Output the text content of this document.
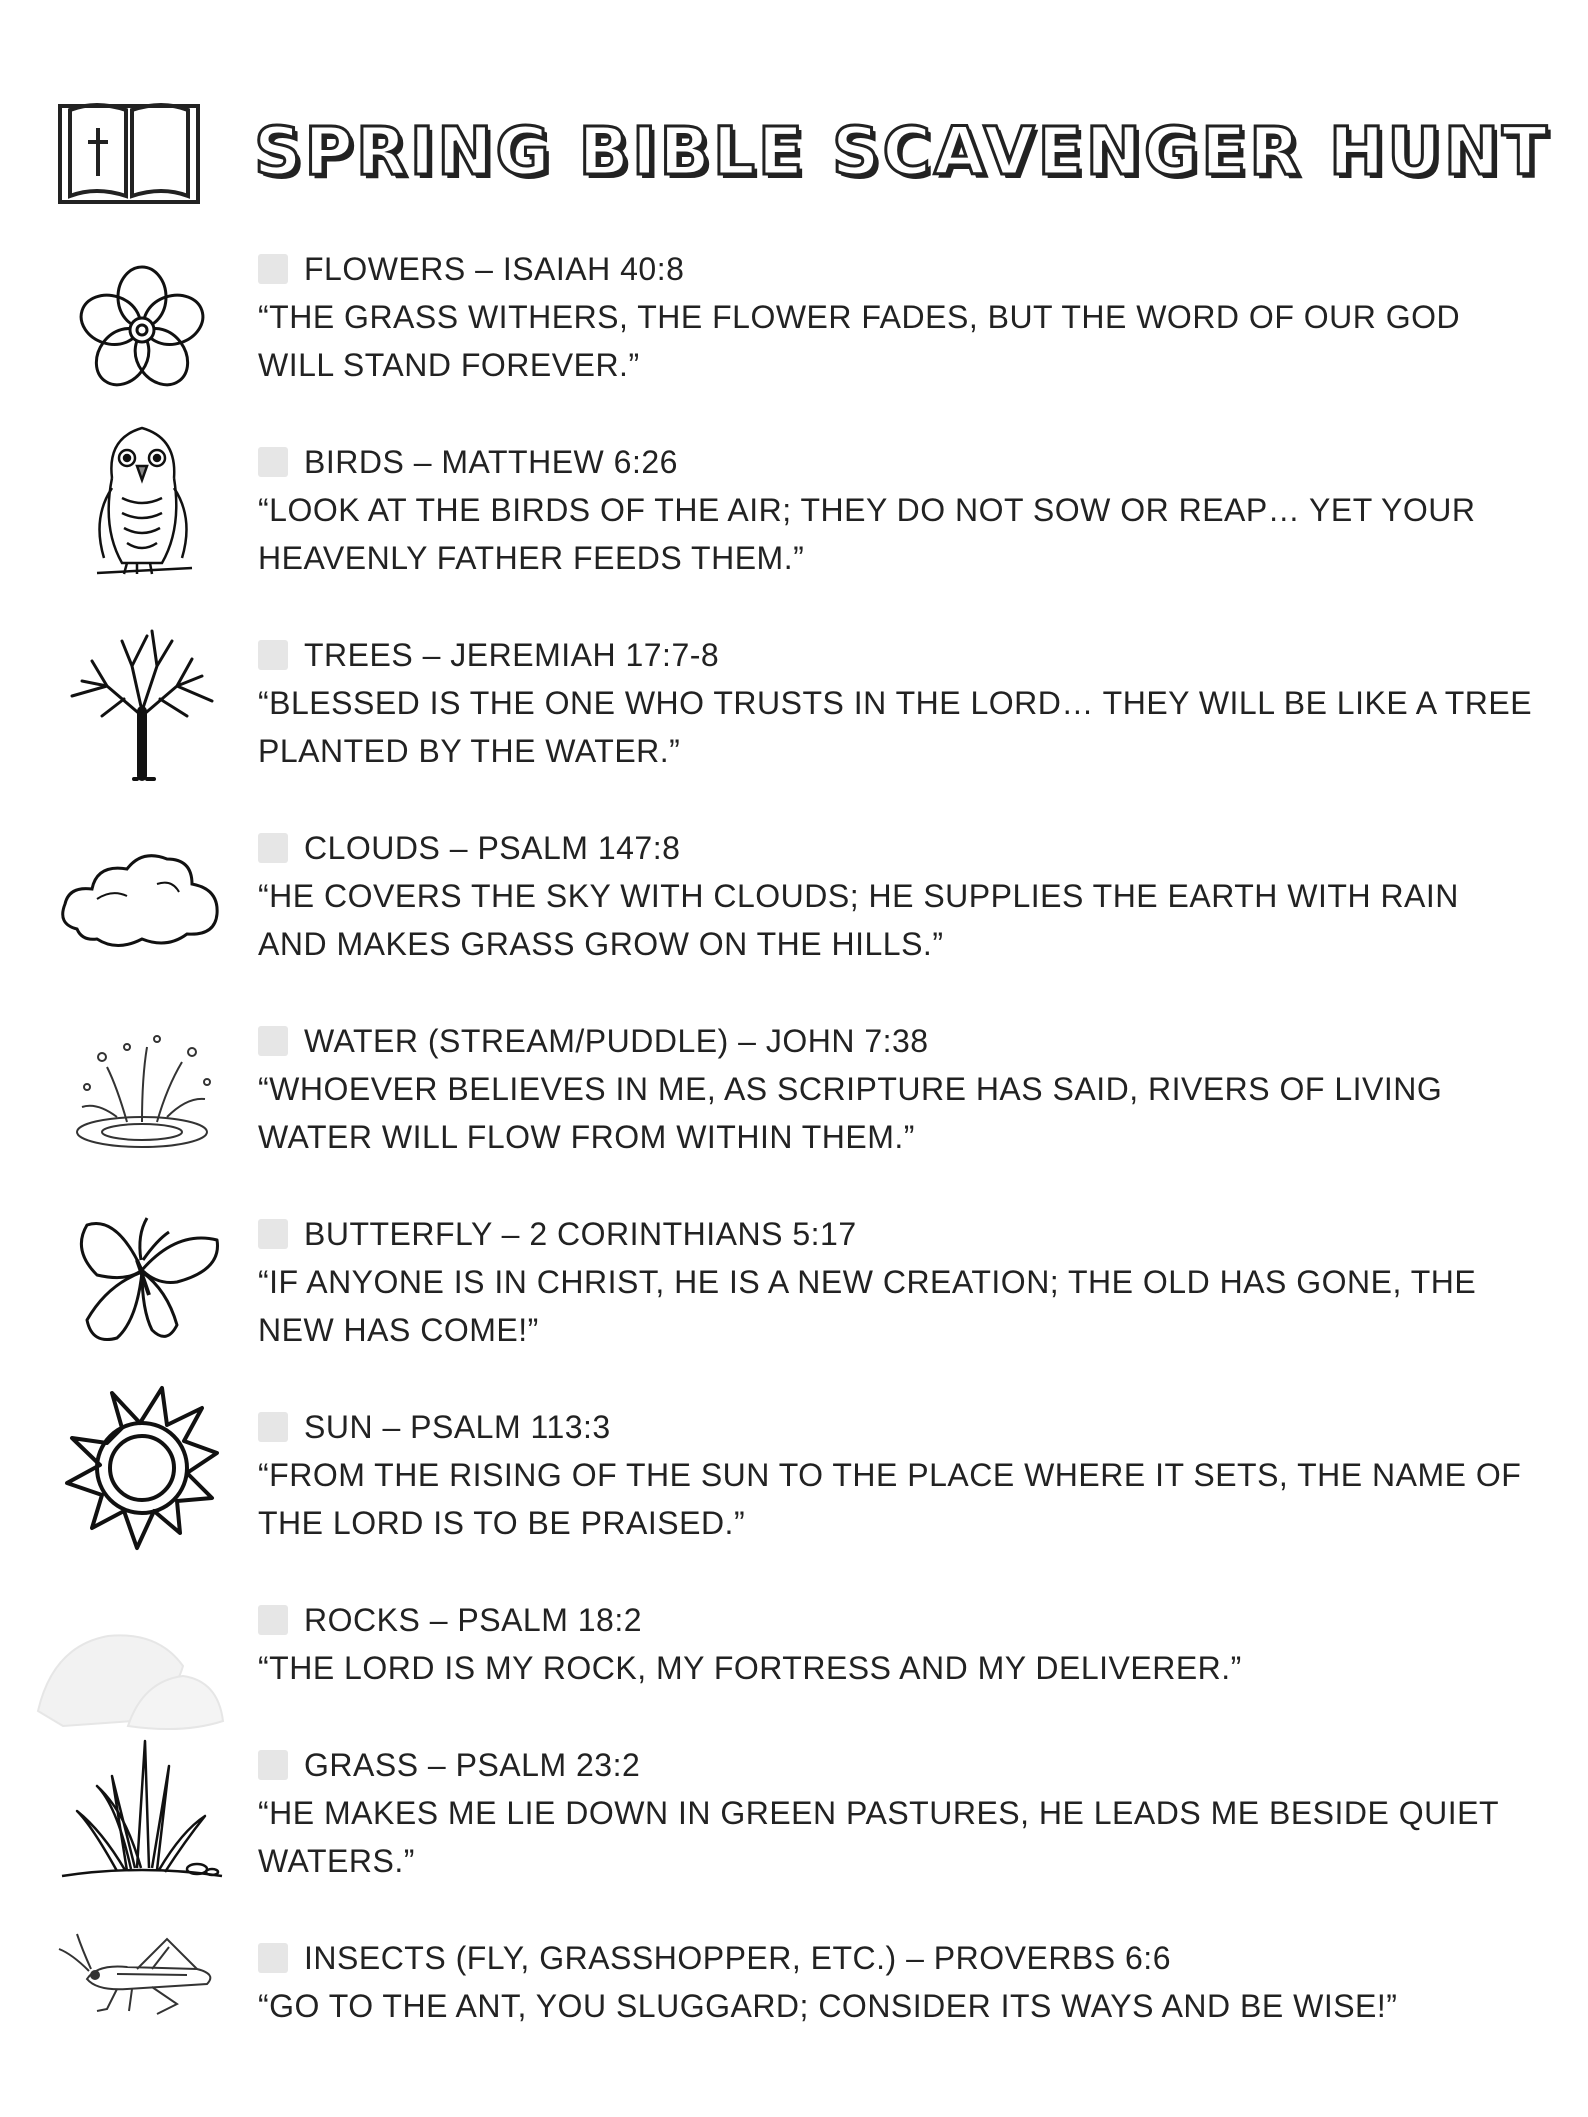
SPRING BIBLE SCAVENGER HUNT
FLOWERS – ISAIAH 40:8

“THE GRASS WITHERS, THE FLOWER FADES, BUT THE WORD OF OUR GOD
WILL STAND FOREVER.”

BIRDS – MATTHEW 6:26

“LOOK AT THE BIRDS OF THE AIR; THEY DO NOT SOW OR REAP… YET YOUR
HEAVENLY FATHER FEEDS THEM.”

TREES – JEREMIAH 17:7-8

“BLESSED IS THE ONE WHO TRUSTS IN THE LORD… THEY WILL BE LIKE A TREE
PLANTED BY THE WATER.”

CLOUDS – PSALM 147:8

“HE COVERS THE SKY WITH CLOUDS; HE SUPPLIES THE EARTH WITH RAIN
AND MAKES GRASS GROW ON THE HILLS.”

WATER (STREAM/PUDDLE) – JOHN 7:38

“WHOEVER BELIEVES IN ME, AS SCRIPTURE HAS SAID, RIVERS OF LIVING
WATER WILL FLOW FROM WITHIN THEM.”

BUTTERFLY – 2 CORINTHIANS 5:17

“IF ANYONE IS IN CHRIST, HE IS A NEW CREATION; THE OLD HAS GONE, THE
NEW HAS COME!”

SUN – PSALM 113:3

“FROM THE RISING OF THE SUN TO THE PLACE WHERE IT SETS, THE NAME OF
THE LORD IS TO BE PRAISED.”

ROCKS – PSALM 18:2

“THE LORD IS MY ROCK, MY FORTRESS AND MY DELIVERER.”

GRASS – PSALM 23:2

“HE MAKES ME LIE DOWN IN GREEN PASTURES, HE LEADS ME BESIDE QUIET
WATERS.”

INSECTS (FLY, GRASSHOPPER, ETC.) – PROVERBS 6:6

“GO TO THE ANT, YOU SLUGGARD; CONSIDER ITS WAYS AND BE WISE!”
